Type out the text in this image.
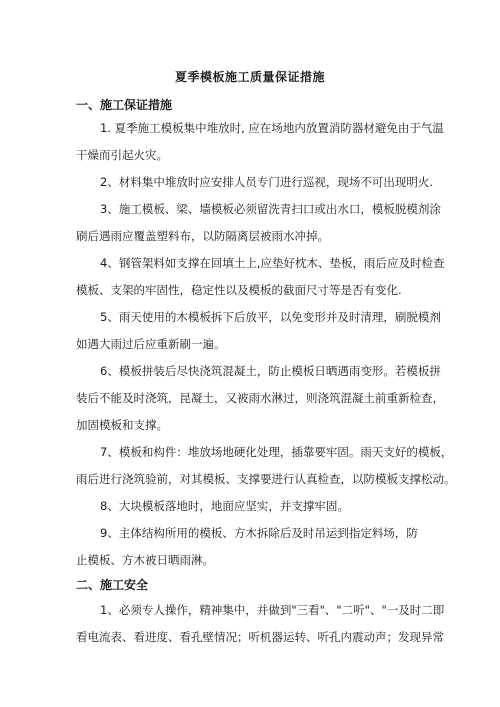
夏季模板施工质量保证措施
一、施工保证措施
1. 夏季施工模板集中堆放时, 应在场地内放置消防器材避免由于气温
干燥而引起火灾。
2、材料集中堆放时应安排人员专门进行巡视，现场不可出现明火.
3、施工模板、梁、墙模板必须留洗青扫口或出水口，模板脱模剂涂
刷后遇雨应覆盖塑料布，以防隔离层被雨水冲掉。
4、钢管架料如支撑在回填土上,应垫好枕木、垫板，雨后应及时检查
模板、支架的牢固性，稳定性以及模板的截面尺寸等是否有变化.
5、雨天使用的木模板拆下后放平，以免变形并及时清理，刷脱模剂
如遇大雨过后应重新刷一遍。
6、模板拼装后尽快浇筑混凝土，防止模板日晒遇雨变形。若模板拼
装后不能及时浇筑，昆凝土，又被雨水淋过，则浇筑混凝土前重新检查，
加固模板和支撑。
7、模板和构件：堆放场地硬化处理，插靠要牢固。雨天支好的模板，
雨后进行浇筑验前，对其模板、支撑要进行认真检查，以防模板支撑松动。
8、大块模板落地时，地面应坚实，并支撑牢固。
9、主体结构所用的模板、方木拆除后及时吊运到指定料场，防
止模板、方木被日晒雨淋。
二、施工安全
1、必须专人操作，精神集中，并做到"三看"、"二听"、"一及时二即
看电流表、看进度、看孔壁情况；听机器运转、听孔内震动声；发现异常
